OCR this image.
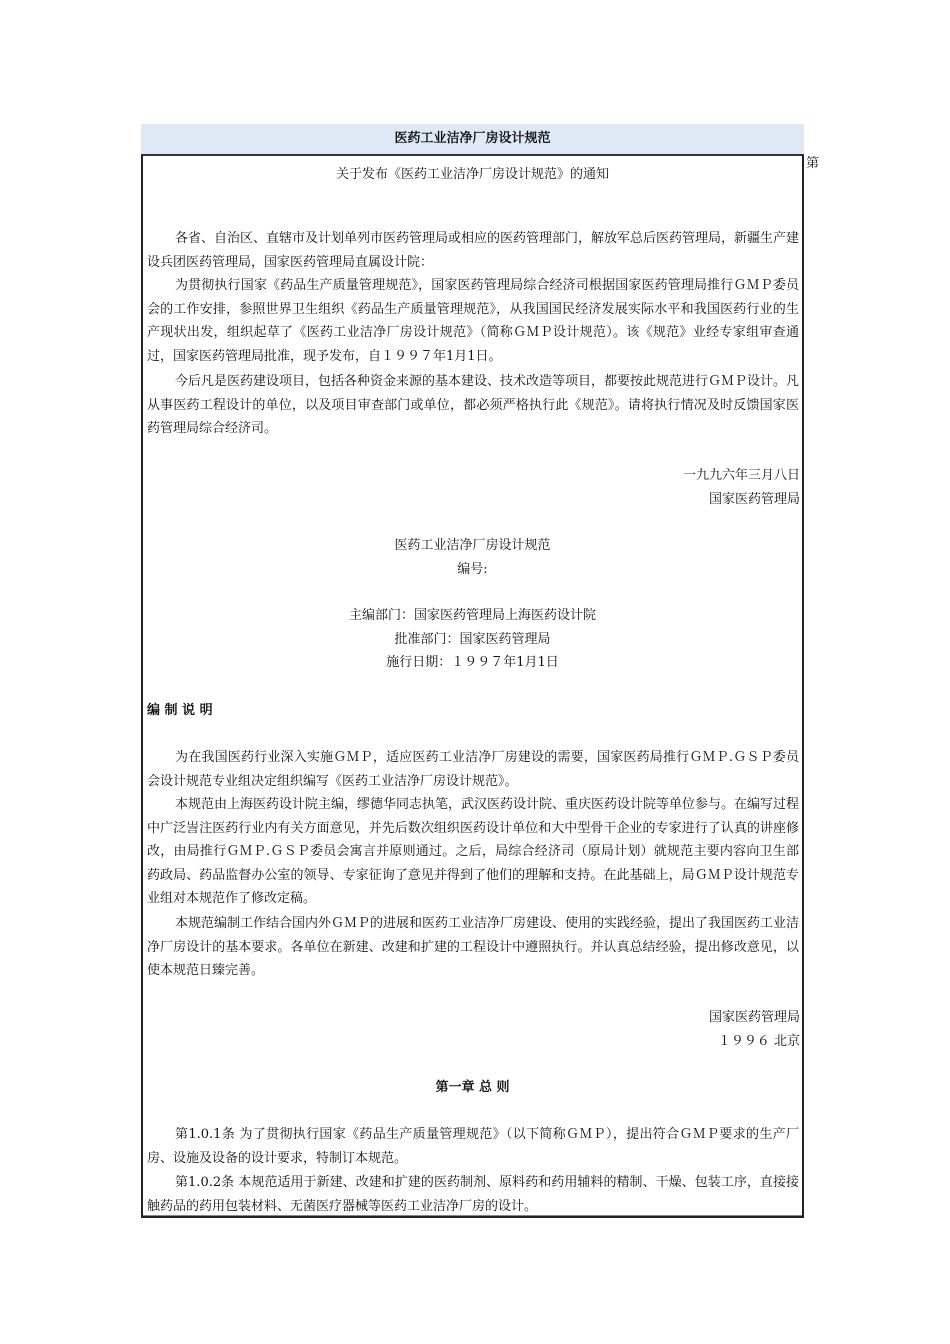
医药工业洁净厂房设计规范
第
关于发布《医药工业洁净厂房设计规范》的通知
各省、自治区、直辖市及计划单列市医药管理局或相应的医药管理部门，解放军总后医药管理局，新疆生产建设兵团医药管理局，国家医药管理局直属设计院：
为贯彻执行国家《药品生产质量管理规范》，国家医药管理局综合经济司根据国家医药管理局推行ＧＭＰ委员会的工作安排，参照世界卫生组织《药品生产质量管理规范》，从我国国民经济发展实际水平和我国医药行业的生产现状出发，组织起草了《医药工业洁净厂房设计规范》（简称ＧＭＰ设计规范）。该《规范》业经专家组审查通过，国家医药管理局批准，现予发布，自１９９７年1月1日。
今后凡是医药建设项目，包括各种资金来源的基本建设、技术改造等项目，都要按此规范进行ＧＭＰ设计。凡从事医药工程设计的单位，以及项目审查部门或单位，都必须严格执行此《规范》。请将执行情况及时反馈国家医药管理局综合经济司。
一九九六年三月八日
国家医药管理局
医药工业洁净厂房设计规范
编号:
主编部门：国家医药管理局上海医药设计院
批准部门：国家医药管理局
施行日期：１９９７年1月1日
编 制 说 明
为在我国医药行业深入实施ＧＭＰ，适应医药工业洁净厂房建设的需要，国家医药局推行ＧＭＰ.ＧＳＰ委员会设计规范专业组决定组织编写《医药工业洁净厂房设计规范》。
本规范由上海医药设计院主编，缪德华同志执笔，武汉医药设计院、重庆医药设计院等单位参与。在编写过程中广泛訔注医药行业内有关方面意见，并先后数次组织医药设计单位和大中型骨干企业的专家进行了认真的讲座修改，由局推行ＧＭＰ.ＧＳＰ委员会寓言并原则通过。之后，局综合经济司（原局计划）就规范主要内容向卫生部药政局、药品监督办公室的领导、专家征询了意见并得到了他们的理解和支持。在此基础上，局ＧＭＰ设计规范专业组对本规范作了修改定稿。
本规范编制工作结合国内外ＧＭＰ的进展和医药工业洁净厂房建设、使用的实践经验，提出了我国医药工业洁净厂房设计的基本要求。各单位在新建、改建和扩建的工程设计中遵照执行。并认真总结经验，提出修改意见，以使本规范日臻完善。
国家医药管理局
１９９６ 北京
第一章 总 则
第1.0.1条 为了贯彻执行国家《药品生产质量管理规范》（以下简称ＧＭＰ），提出符合ＧＭＰ要求的生产厂房、设施及设备的设计要求，特制订本规范。
第1.0.2条 本规范适用于新建、改建和扩建的医药制剂、原料药和药用辅料的精制、干燥、包装工序，直接接触药品的药用包装材料、无菌医疗器械等医药工业洁净厂房的设计。
